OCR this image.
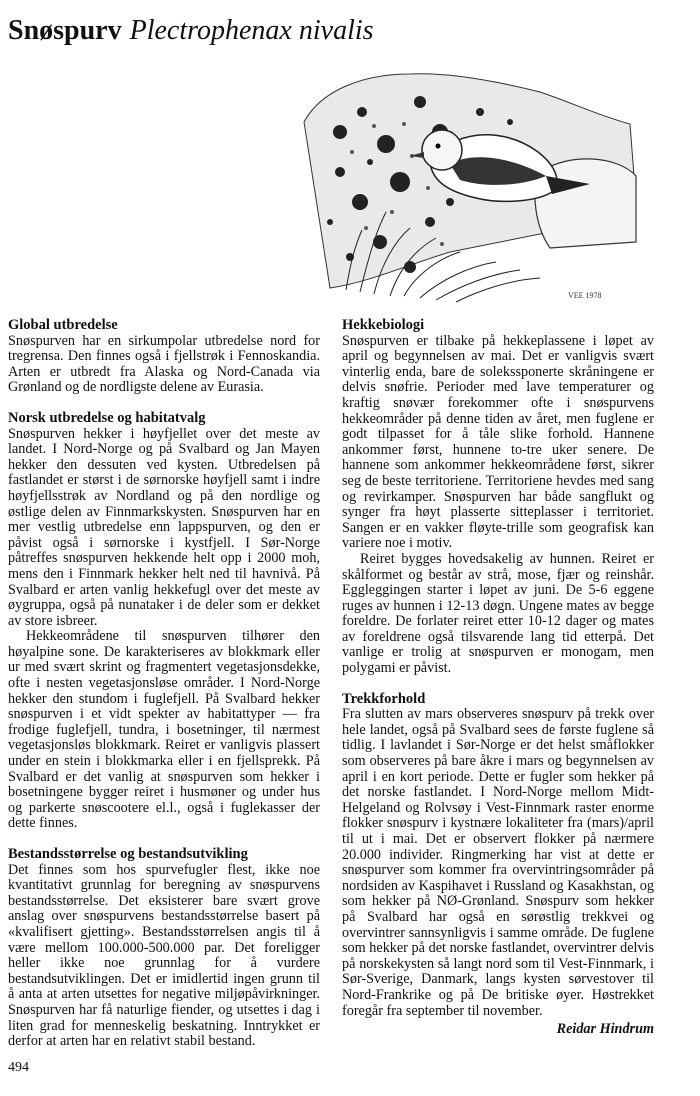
Snøspurv Plectrophenax nivalis
VEE 1978
Global utbredelse

Snøspurven har en sirkumpolar utbredelse nord for tregrensa. Den finnes også i fjellstrøk i Fennoskandia. Arten er utbredt fra Alaska og Nord-Canada via Grønland og de nordligste delene av Eurasia.

Norsk utbredelse og habitatvalg

Snøspurven hekker i høyfjellet over det meste av landet. I Nord-Norge og på Svalbard og Jan Mayen hekker den dessuten ved kysten. Utbredelsen på fastlandet er størst i de sørnorske høyfjell samt i indre høyfjellsstrøk av Nordland og på den nordlige og østlige delen av Finnmarkskysten. Snøspurven har en mer vestlig utbredelse enn lappspurven, og den er påvist også i sørnorske i kystfjell. I Sør-Norge påtreffes snøspurven hekkende helt opp i 2000 moh, mens den i Finnmark hekker helt ned til havnivå. På Svalbard er arten vanlig hekkefugl over det meste av øygruppa, også på nunataker i de deler som er dekket av store isbreer.

Hekkeområdene til snøspurven tilhører den høyalpine sone. De karakteriseres av blokkmark eller ur med svært skrint og fragmentert vegetasjonsdekke, ofte i nesten vegetasjonsløse områder. I Nord-Norge hekker den stundom i fuglefjell. På Svalbard hekker snøspurven i et vidt spekter av habitattyper — fra frodige fuglefjell, tundra, i bosetninger, til nærmest vegetasjonsløs blokkmark. Reiret er vanligvis plassert under en stein i blokkmarka eller i en fjellsprekk. På Svalbard er det vanlig at snøspurven som hekker i bosetningene bygger reiret i husmøner og under hus og parkerte snøscootere el.l., også i fuglekasser der dette finnes.

Bestandsstørrelse og bestandsutvikling

Det finnes som hos spurvefugler flest, ikke noe kvantitativt grunnlag for beregning av snøspurvens bestandsstørrelse. Det eksisterer bare svært grove anslag over snøspurvens bestandsstørrelse basert på «kvalifisert gjetting». Bestandsstørrelsen angis til å være mellom 100.000-500.000 par. Det foreligger heller ikke noe grunnlag for å vurdere bestandsutviklingen. Det er imidlertid ingen grunn til å anta at arten utsettes for negative miljøpåvirkninger. Snøspurven har få naturlige fiender, og utsettes i dag i liten grad for menneskelig beskatning. Inntrykket er derfor at arten har en relativt stabil bestand.

Hekkebiologi

Snøspurven er tilbake på hekkeplassene i løpet av april og begynnelsen av mai. Det er vanligvis svært vinterlig enda, bare de solekssponerte skråningene er delvis snøfrie. Perioder med lave temperaturer og kraftig snøvær forekommer ofte i snøspurvens hekkeområder på denne tiden av året, men fuglene er godt tilpasset for å tåle slike forhold. Hannene ankommer først, hunnene to-tre uker senere. De hannene som ankommer hekkeområdene først, sikrer seg de beste territoriene. Territoriene hevdes med sang og revirkamper. Snøspurven har både sangflukt og synger fra høyt plasserte sitteplasser i territoriet. Sangen er en vakker fløyte-trille som geografisk kan variere noe i motiv.

Reiret bygges hovedsakelig av hunnen. Reiret er skålformet og består av strå, mose, fjær og reinshår. Eggleggingen starter i løpet av juni. De 5-6 eggene ruges av hunnen i 12-13 døgn. Ungene mates av begge foreldre. De forlater reiret etter 10-12 dager og mates av foreldrene også tilsvarende lang tid etterpå. Det vanlige er trolig at snøspurven er monogam, men polygami er påvist.

Trekkforhold

Fra slutten av mars observeres snøspurv på trekk over hele landet, også på Svalbard sees de første fuglene så tidlig. I lavlandet i Sør-Norge er det helst småflokker som observeres på bare åkre i mars og begynnelsen av april i en kort periode. Dette er fugler som hekker på det norske fastlandet. I Nord-Norge mellom Midt-Helgeland og Rolvsøy i Vest-Finnmark raster enorme flokker snøspurv i kystnære lokaliteter fra (mars)/april til ut i mai. Det er observert flokker på nærmere 20.000 individer. Ringmerking har vist at dette er snøspurver som kommer fra overvintringsområder på nordsiden av Kaspihavet i Russland og Kasakhstan, og som hekker på NØ-Grønland. Snøspurv som hekker på Svalbard har også en sørøstlig trekkvei og overvintrer sannsynligvis i samme område. De fuglene som hekker på det norske fastlandet, overvintrer delvis på norskekysten så langt nord som til Vest-Finnmark, i Sør-Sverige, Danmark, langs kysten sørvestover til Nord-Frankrike og på De britiske øyer. Høstrekket foregår fra september til november.

Reidar Hindrum
494
